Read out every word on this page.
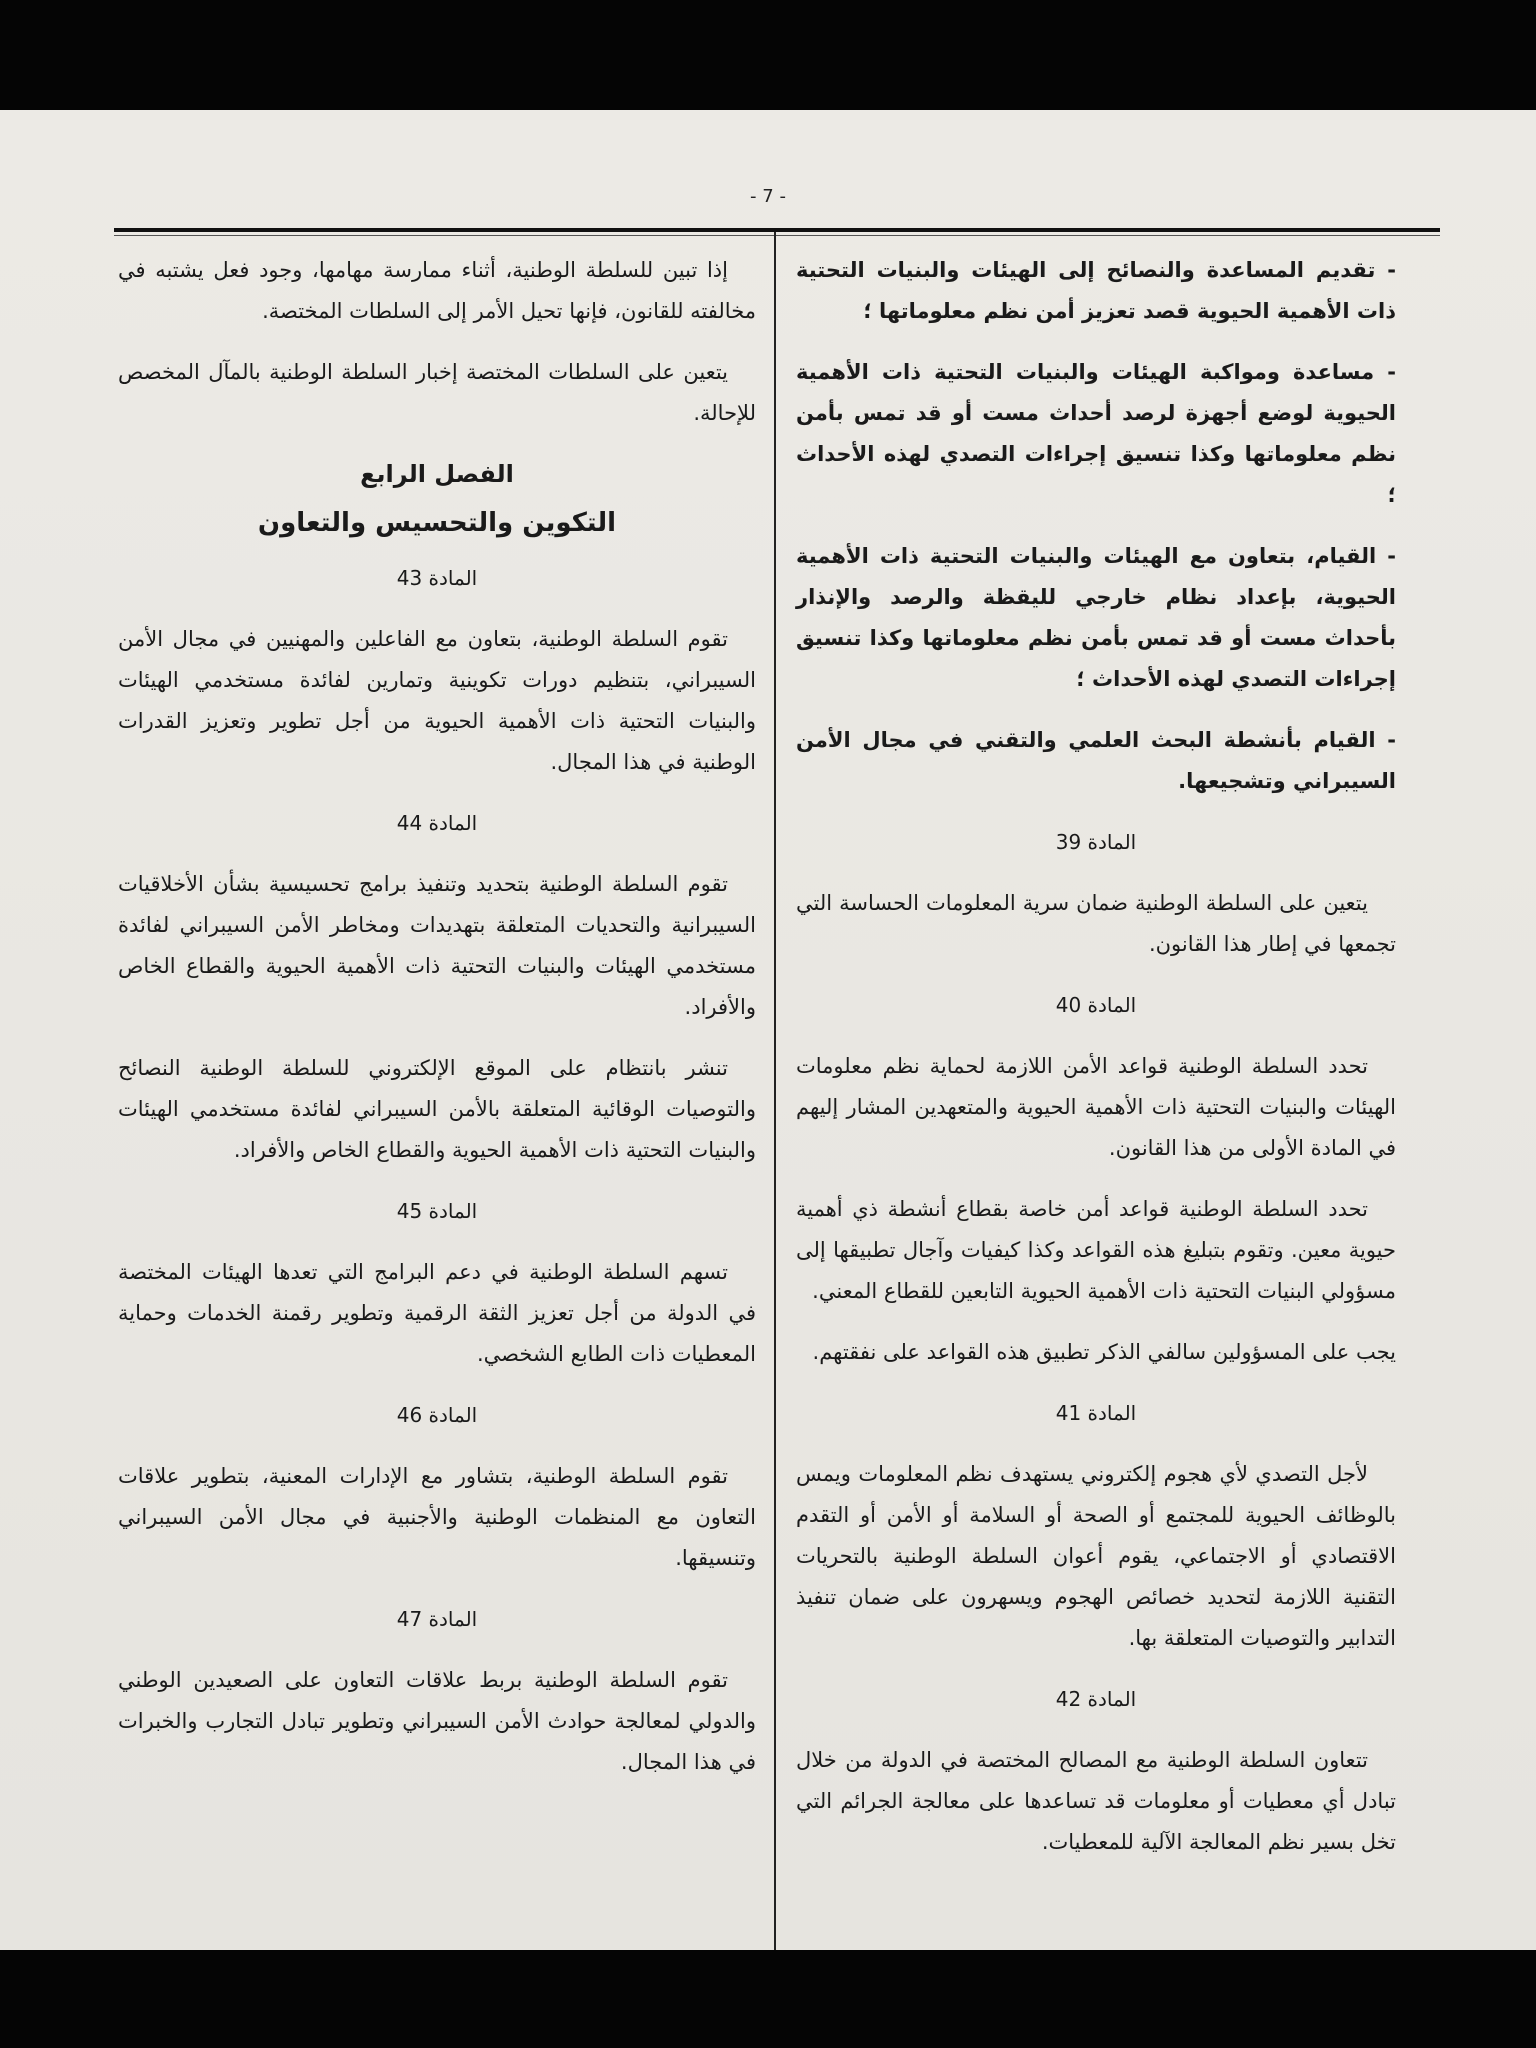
- 7 -

- تقديم المساعدة والنصائح إلى الهيئات والبنيات التحتية ذات الأهمية الحيوية قصد تعزيز أمن نظم معلوماتها ؛

- مساعدة ومواكبة الهيئات والبنيات التحتية ذات الأهمية الحيوية لوضع أجهزة لرصد أحداث مست أو قد تمس بأمن نظم معلوماتها وكذا تنسيق إجراءات التصدي لهذه الأحداث ؛

- القيام، بتعاون مع الهيئات والبنيات التحتية ذات الأهمية الحيوية، بإعداد نظام خارجي لليقظة والرصد والإنذار بأحداث مست أو قد تمس بأمن نظم معلوماتها وكذا تنسيق إجراءات التصدي لهذه الأحداث ؛

- القيام بأنشطة البحث العلمي والتقني في مجال الأمن السيبراني وتشجيعها.

المادة 39

يتعين على السلطة الوطنية ضمان سرية المعلومات الحساسة التي تجمعها في إطار هذا القانون.

المادة 40

تحدد السلطة الوطنية قواعد الأمن اللازمة لحماية نظم معلومات الهيئات والبنيات التحتية ذات الأهمية الحيوية والمتعهدين المشار إليهم في المادة الأولى من هذا القانون.

تحدد السلطة الوطنية قواعد أمن خاصة بقطاع أنشطة ذي أهمية حيوية معين. وتقوم بتبليغ هذه القواعد وكذا كيفيات وآجال تطبيقها إلى مسؤولي البنيات التحتية ذات الأهمية الحيوية التابعين للقطاع المعني.

يجب على المسؤولين سالفي الذكر تطبيق هذه القواعد على نفقتهم.

المادة 41

لأجل التصدي لأي هجوم إلكتروني يستهدف نظم المعلومات ويمس بالوظائف الحيوية للمجتمع أو الصحة أو السلامة أو الأمن أو التقدم الاقتصادي أو الاجتماعي، يقوم أعوان السلطة الوطنية بالتحريات التقنية اللازمة لتحديد خصائص الهجوم ويسهرون على ضمان تنفيذ التدابير والتوصيات المتعلقة بها.

المادة 42

تتعاون السلطة الوطنية مع المصالح المختصة في الدولة من خلال تبادل أي معطيات أو معلومات قد تساعدها على معالجة الجرائم التي تخل بسير نظم المعالجة الآلية للمعطيات.

إذا تبين للسلطة الوطنية، أثناء ممارسة مهامها، وجود فعل يشتبه في مخالفته للقانون، فإنها تحيل الأمر إلى السلطات المختصة.

يتعين على السلطات المختصة إخبار السلطة الوطنية بالمآل المخصص للإحالة.

الفصل الرابع
التكوين والتحسيس والتعاون
المادة 43

تقوم السلطة الوطنية، بتعاون مع الفاعلين والمهنيين في مجال الأمن السيبراني، بتنظيم دورات تكوينية وتمارين لفائدة مستخدمي الهيئات والبنيات التحتية ذات الأهمية الحيوية من أجل تطوير وتعزيز القدرات الوطنية في هذا المجال.

المادة 44

تقوم السلطة الوطنية بتحديد وتنفيذ برامج تحسيسية بشأن الأخلاقيات السيبرانية والتحديات المتعلقة بتهديدات ومخاطر الأمن السيبراني لفائدة مستخدمي الهيئات والبنيات التحتية ذات الأهمية الحيوية والقطاع الخاص والأفراد.

تنشر بانتظام على الموقع الإلكتروني للسلطة الوطنية النصائح والتوصيات الوقائية المتعلقة بالأمن السيبراني لفائدة مستخدمي الهيئات والبنيات التحتية ذات الأهمية الحيوية والقطاع الخاص والأفراد.

المادة 45

تسهم السلطة الوطنية في دعم البرامج التي تعدها الهيئات المختصة في الدولة من أجل تعزيز الثقة الرقمية وتطوير رقمنة الخدمات وحماية المعطيات ذات الطابع الشخصي.

المادة 46

تقوم السلطة الوطنية، بتشاور مع الإدارات المعنية، بتطوير علاقات التعاون مع المنظمات الوطنية والأجنبية في مجال الأمن السيبراني وتنسيقها.

المادة 47

تقوم السلطة الوطنية بربط علاقات التعاون على الصعيدين الوطني والدولي لمعالجة حوادث الأمن السيبراني وتطوير تبادل التجارب والخبرات في هذا المجال.
